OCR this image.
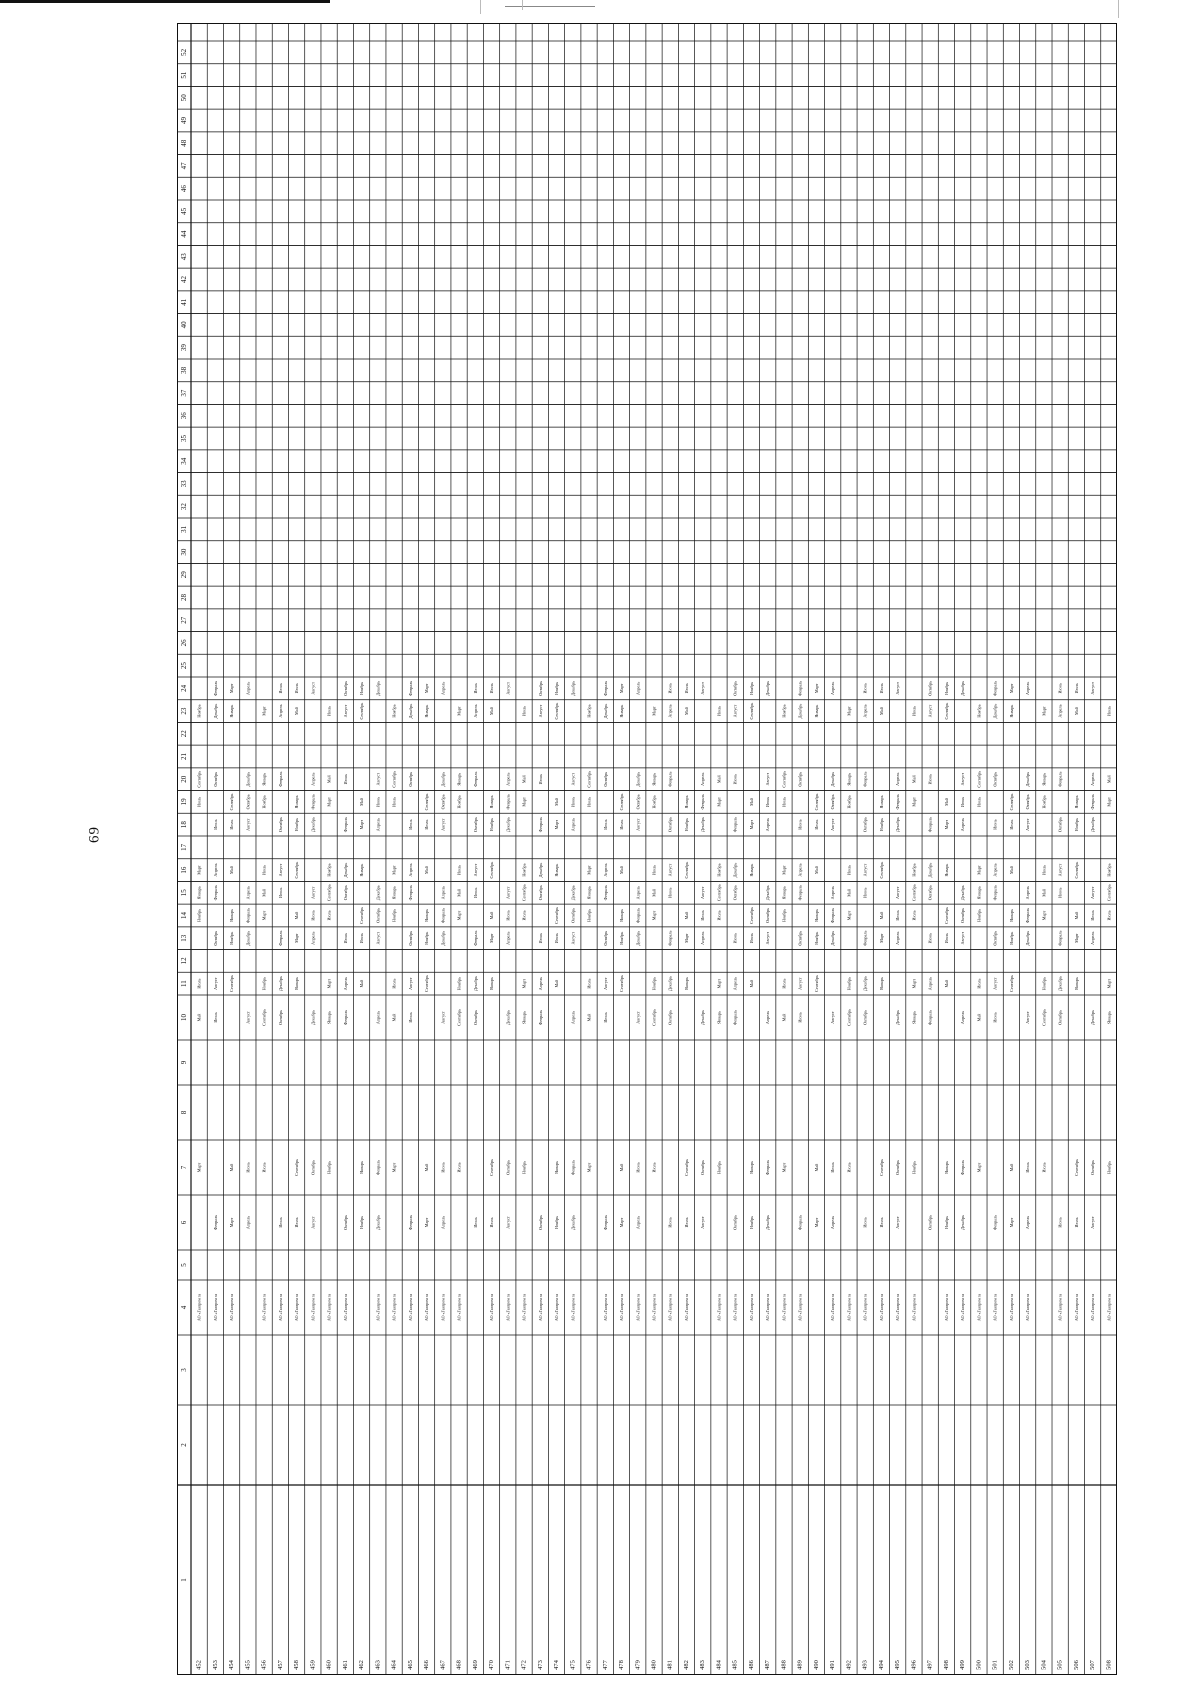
69
1
2
3
4
5
6
7
8
9
10
11
12
13
14
15
16
17
18
19
20
21
22
23
24
25
26
27
28
29
30
31
32
33
34
35
36
37
38
39
40
41
42
43
44
45
46
47
48
49
50
51
52
452 453 454 455 456 457 458 459 460 461 462 463 464 465 466 467 468 469 470 471 472 473 474 475 476 477 478 479 480 481 482 483 484 485 486 487 488 489 490 491 492 493 494 495 496 497 498 499 500 501 502 503 504 505 506 507 508
АО «Газпром га
Март
Май
Июль
Ноябрь
Январь
Март
Июль
Сентябрь
Ноябрь
АО «Газпром га
Февраль
Июнь
Август
Октябрь
Февраль
Апрель
Июнь
Октябрь
Декабрь
Февраль
АО «Газпром га
Март
Май
Сентябрь
Ноябрь
Январь
Май
Июль
Сентябрь
Январь
Март
Апрель
Июнь
Август
Декабрь
Февраль
Апрель
Август
Октябрь
Декабрь
Апрель
АО «Газпром га
Июль
Сентябрь
Ноябрь
Март
Май
Июль
Ноябрь
Январь
Март
АО «Газпром га
Июнь
Октябрь
Декабрь
Февраль
Июнь
Август
Октябрь
Февраль
Апрель
Июнь
АО «Газпром га
Июль
Сентябрь
Январь
Март
Май
Сентябрь
Ноябрь
Январь
Май
Июль
АО «Газпром га
Август
Октябрь
Декабрь
Апрель
Июнь
Август
Декабрь
Февраль
Апрель
Август
АО «Газпром га
Ноябрь
Январь
Март
Июль
Сентябрь
Ноябрь
Март
Май
Июль
АО «Газпром га
Октябрь
Февраль
Апрель
Июнь
Октябрь
Декабрь
Февраль
Июнь
Август
Октябрь
Ноябрь
Январь
Май
Июль
Сентябрь
Январь
Март
Май
Сентябрь
Ноябрь
АО «Газпром га
Декабрь
Февраль
Апрель
Август
Октябрь
Декабрь
Апрель
Июнь
Август
Декабрь
АО «Газпром га
Март
Май
Июль
Ноябрь
Январь
Март
Июль
Сентябрь
Ноябрь
АО «Газпром га
Февраль
Июнь
Август
Октябрь
Февраль
Апрель
Июнь
Октябрь
Декабрь
Февраль
АО «Газпром га
Март
Май
Сентябрь
Ноябрь
Январь
Май
Июль
Сентябрь
Январь
Март
АО «Газпром га
Апрель
Июнь
Август
Декабрь
Февраль
Апрель
Август
Октябрь
Декабрь
Апрель
АО «Газпром га
Июль
Сентябрь
Ноябрь
Март
Май
Июль
Ноябрь
Январь
Март
Июнь
Октябрь
Декабрь
Февраль
Июнь
Август
Октябрь
Февраль
Апрель
Июнь
АО «Газпром га
Июль
Сентябрь
Январь
Март
Май
Сентябрь
Ноябрь
Январь
Май
Июль
АО «Газпром га
Август
Октябрь
Декабрь
Апрель
Июнь
Август
Декабрь
Февраль
Апрель
Август
АО «Газпром га
Ноябрь
Январь
Март
Июль
Сентябрь
Ноябрь
Март
Май
Июль
АО «Газпром га
Октябрь
Февраль
Апрель
Июнь
Октябрь
Декабрь
Февраль
Июнь
Август
Октябрь
АО «Газпром га
Ноябрь
Январь
Май
Июль
Сентябрь
Январь
Март
Май
Сентябрь
Ноябрь
АО «Газпром га
Декабрь
Февраль
Апрель
Август
Октябрь
Декабрь
Апрель
Июнь
Август
Декабрь
Март
Май
Июль
Ноябрь
Январь
Март
Июль
Сентябрь
Ноябрь
АО «Газпром га
Февраль
Июнь
Август
Октябрь
Февраль
Апрель
Июнь
Октябрь
Декабрь
Февраль
АО «Газпром га
Март
Май
Сентябрь
Ноябрь
Январь
Май
Июль
Сентябрь
Январь
Март
АО «Газпром га
Апрель
Июнь
Август
Декабрь
Февраль
Апрель
Август
Октябрь
Декабрь
Апрель
АО «Газпром га
Июль
Сентябрь
Ноябрь
Март
Май
Июль
Ноябрь
Январь
Март
АО «Газпром га
Июнь
Октябрь
Декабрь
Февраль
Июнь
Август
Октябрь
Февраль
Апрель
Июнь
АО «Газпром га
Июль
Сентябрь
Январь
Март
Май
Сентябрь
Ноябрь
Январь
Май
Июль
Август
Октябрь
Декабрь
Апрель
Июнь
Август
Декабрь
Февраль
Апрель
Август
АО «Газпром га
Ноябрь
Январь
Март
Июль
Сентябрь
Ноябрь
Март
Май
Июль
АО «Газпром га
Октябрь
Февраль
Апрель
Июнь
Октябрь
Декабрь
Февраль
Июнь
Август
Октябрь
АО «Газпром га
Ноябрь
Январь
Май
Июль
Сентябрь
Январь
Март
Май
Сентябрь
Ноябрь
АО «Газпром га
Декабрь
Февраль
Апрель
Август
Октябрь
Декабрь
Апрель
Июнь
Август
Декабрь
АО «Газпром га
Март
Май
Июль
Ноябрь
Январь
Март
Июль
Сентябрь
Ноябрь
АО «Газпром га
Февраль
Июнь
Август
Октябрь
Февраль
Апрель
Июнь
Октябрь
Декабрь
Февраль
Март
Май
Сентябрь
Ноябрь
Январь
Май
Июль
Сентябрь
Январь
Март
АО «Газпром га
Апрель
Июнь
Август
Декабрь
Февраль
Апрель
Август
Октябрь
Декабрь
Апрель
АО «Газпром га
Июль
Сентябрь
Ноябрь
Март
Май
Июль
Ноябрь
Январь
Март
АО «Газпром га
Июнь
Октябрь
Декабрь
Февраль
Июнь
Август
Октябрь
Февраль
Апрель
Июнь
АО «Газпром га
Июль
Сентябрь
Январь
Март
Май
Сентябрь
Ноябрь
Январь
Май
Июль
АО «Газпром га
Август
Октябрь
Декабрь
Апрель
Июнь
Август
Декабрь
Февраль
Апрель
Август
АО «Газпром га
Ноябрь
Январь
Март
Июль
Сентябрь
Ноябрь
Март
Май
Июль
Октябрь
Февраль
Апрель
Июнь
Октябрь
Декабрь
Февраль
Июнь
Август
Октябрь
АО «Газпром га
Ноябрь
Январь
Май
Июль
Сентябрь
Январь
Март
Май
Сентябрь
Ноябрь
АО «Газпром га
Декабрь
Февраль
Апрель
Август
Октябрь
Декабрь
Апрель
Июнь
Август
Декабрь
АО «Газпром га
Март
Май
Июль
Ноябрь
Январь
Март
Июль
Сентябрь
Ноябрь
АО «Газпром га
Февраль
Июнь
Август
Октябрь
Февраль
Апрель
Июнь
Октябрь
Декабрь
Февраль
АО «Газпром га
Март
Май
Сентябрь
Ноябрь
Январь
Май
Июль
Сентябрь
Январь
Март
АО «Газпром га
Апрель
Июнь
Август
Декабрь
Февраль
Апрель
Август
Октябрь
Декабрь
Апрель
Июль
Сентябрь
Ноябрь
Март
Май
Июль
Ноябрь
Январь
Март
АО «Газпром га
Июнь
Октябрь
Декабрь
Февраль
Июнь
Август
Октябрь
Февраль
Апрель
Июнь
АО «Газпром га
Июль
Сентябрь
Январь
Март
Май
Сентябрь
Ноябрь
Январь
Май
Июль
АО «Газпром га
Август
Октябрь
Декабрь
Апрель
Июнь
Август
Декабрь
Февраль
Апрель
Август
АО «Газпром га
Ноябрь
Январь
Март
Июль
Сентябрь
Ноябрь
Март
Май
Июль
